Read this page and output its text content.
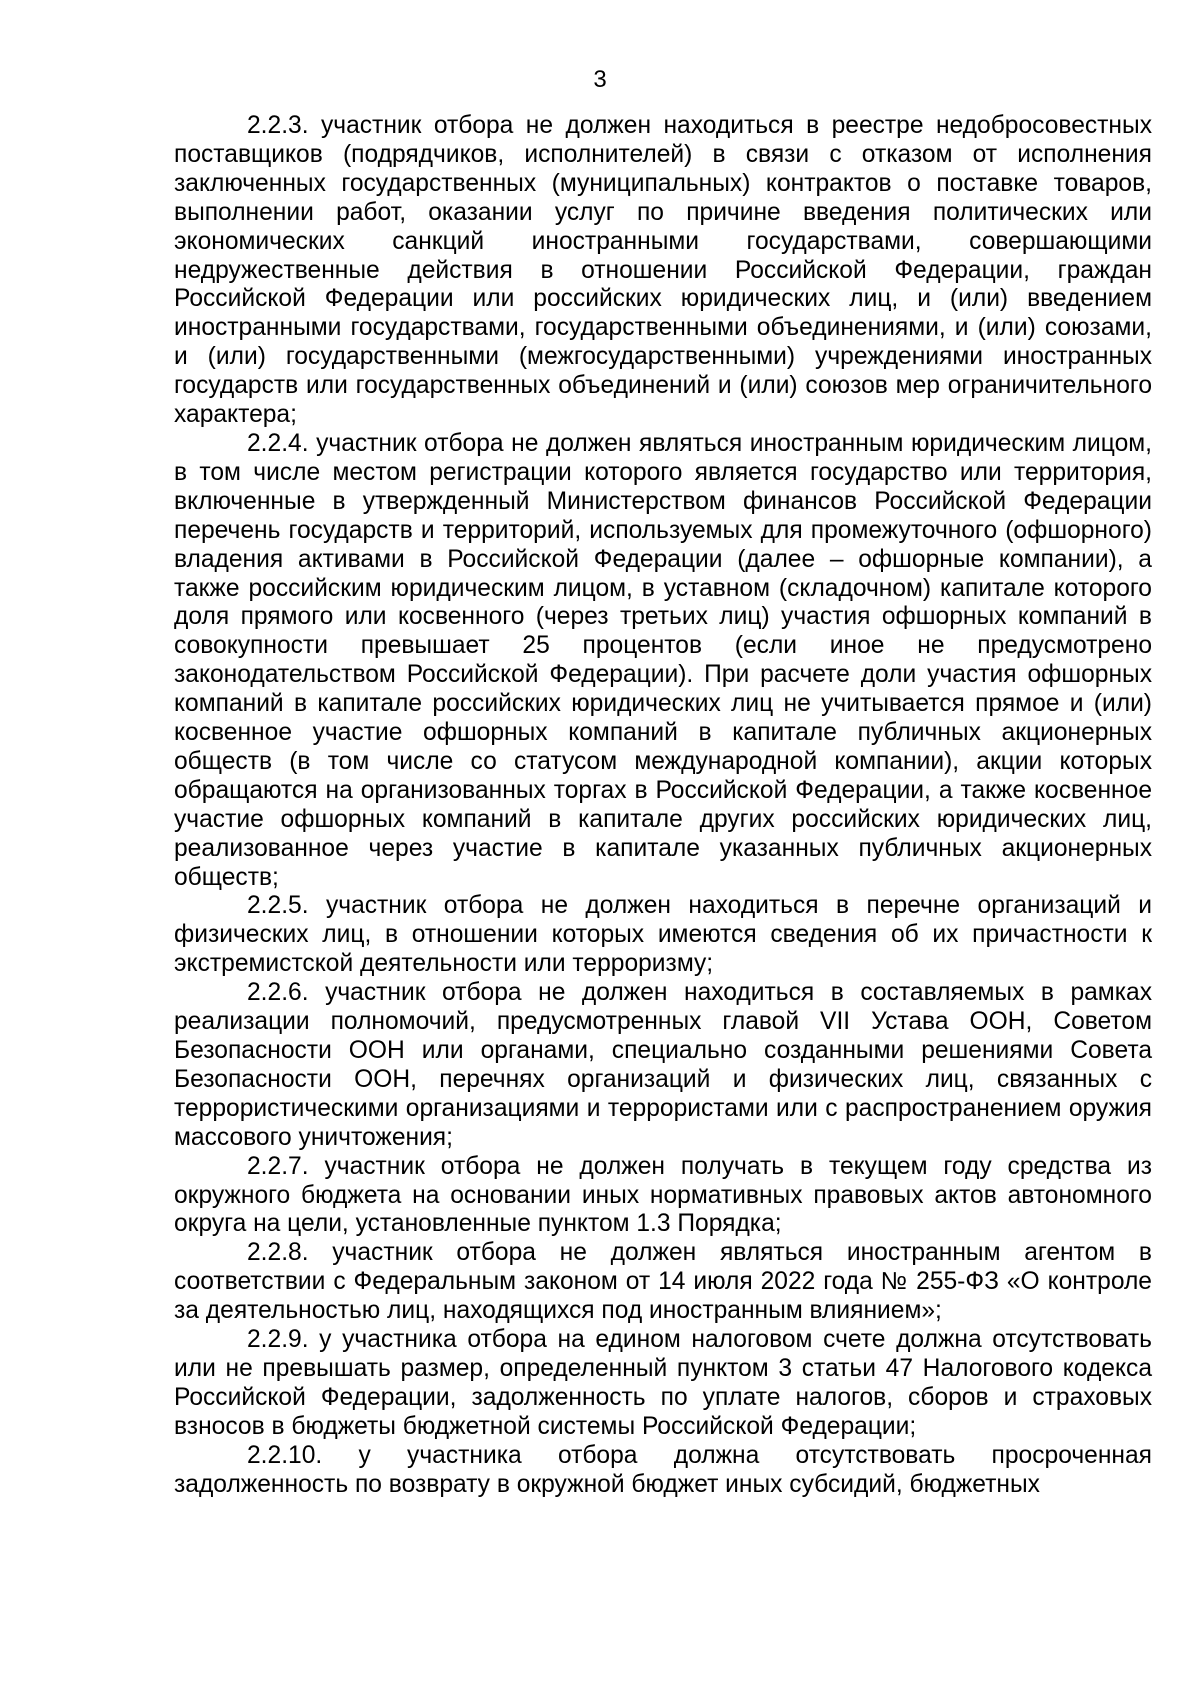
3

2.2.3. участник отбора не должен находиться в реестре недобросовестных поставщиков (подрядчиков, исполнителей) в связи с отказом от исполнения заключенных государственных (муниципальных) контрактов о поставке товаров, выполнении работ, оказании услуг по причине введения политических или экономических санкций иностранными государствами, совершающими недружественные действия в отношении Российской Федерации, граждан Российской Федерации или российских юридических лиц, и (или) введением иностранными государствами, государственными объединениями, и (или) союзами, и (или) государственными (межгосударственными) учреждениями иностранных государств или государственных объединений и (или) союзов мер ограничительного характера;

2.2.4. участник отбора не должен являться иностранным юридическим лицом, в том числе местом регистрации которого является государство или территория, включенные в утвержденный Министерством финансов Российской Федерации перечень государств и территорий, используемых для промежуточного (офшорного) владения активами в Российской Федерации (далее – офшорные компании), а также российским юридическим лицом, в уставном (складочном) капитале которого доля прямого или косвенного (через третьих лиц) участия офшорных компаний в совокупности превышает 25 процентов (если иное не предусмотрено законодательством Российской Федерации). При расчете доли участия офшорных компаний в капитале российских юридических лиц не учитывается прямое и (или) косвенное участие офшорных компаний в капитале публичных акционерных обществ (в том числе со статусом международной компании), акции которых обращаются на организованных торгах в Российской Федерации, а также косвенное участие офшорных компаний в капитале других российских юридических лиц, реализованное через участие в капитале указанных публичных акционерных обществ;

2.2.5. участник отбора не должен находиться в перечне организаций и физических лиц, в отношении которых имеются сведения об их причастности к экстремистской деятельности или терроризму;

2.2.6. участник отбора не должен находиться в составляемых в рамках реализации полномочий, предусмотренных главой VII Устава ООН, Советом Безопасности ООН или органами, специально созданными решениями Совета Безопасности ООН, перечнях организаций и физических лиц, связанных с террористическими организациями и террористами или с распространением оружия массового уничтожения;

2.2.7. участник отбора не должен получать в текущем году средства из окружного бюджета на основании иных нормативных правовых актов автономного округа на цели, установленные пунктом 1.3 Порядка;

2.2.8. участник отбора не должен являться иностранным агентом в соответствии с Федеральным законом от 14 июля 2022 года № 255-ФЗ «О контроле за деятельностью лиц, находящихся под иностранным влиянием»;

2.2.9. у участника отбора на едином налоговом счете должна отсутствовать или не превышать размер, определенный пунктом 3 статьи 47 Налогового кодекса Российской Федерации, задолженность по уплате налогов, сборов и страховых взносов в бюджеты бюджетной системы Российской Федерации;

2.2.10. у участника отбора должна отсутствовать просроченная задолженность по возврату в окружной бюджет иных субсидий, бюджетных
